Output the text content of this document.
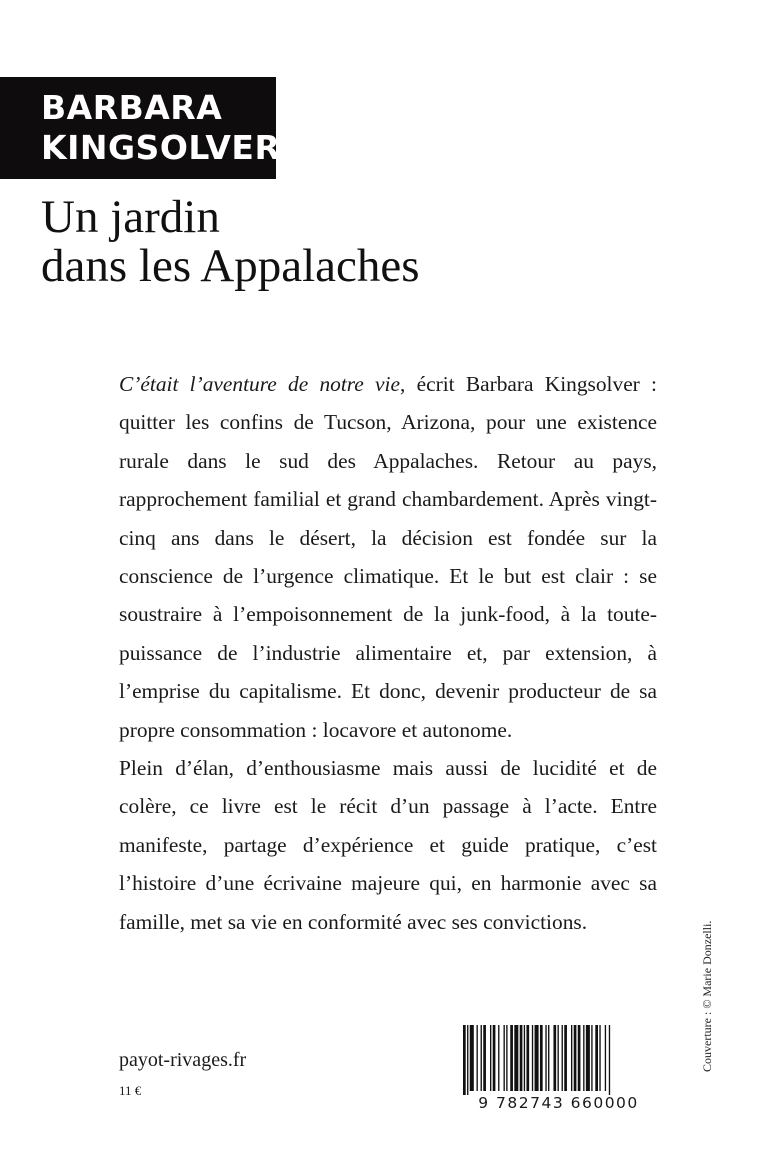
BARBARA
KINGSOLVER
Un jardin
dans les Appalaches

C’était l’aventure de notre vie, écrit Barbara Kingsolver : quitter les confins de Tucson, Arizona, pour une existence rurale dans le sud des Appalaches. Retour au pays, rapprochement familial et grand chambardement. Après vingt-cinq ans dans le désert, la décision est fondée sur la conscience de l’urgence climatique. Et le but est clair : se soustraire à l’empoisonnement de la junk-food, à la toute-puissance de l’industrie alimentaire et, par extension, à l’emprise du capitalisme. Et donc, devenir producteur de sa propre consommation : locavore et autonome.

Plein d’élan, d’enthousiasme mais aussi de lucidité et de colère, ce livre est le récit d’un passage à l’acte. Entre manifeste, partage d’expérience et guide pratique, c’est l’histoire d’une écrivaine majeure qui, en harmonie avec sa famille, met sa vie en conformité avec ses convictions.

payot-rivages.fr
11 €
9 782743 660000
Couverture : © Marie Donzelli.
